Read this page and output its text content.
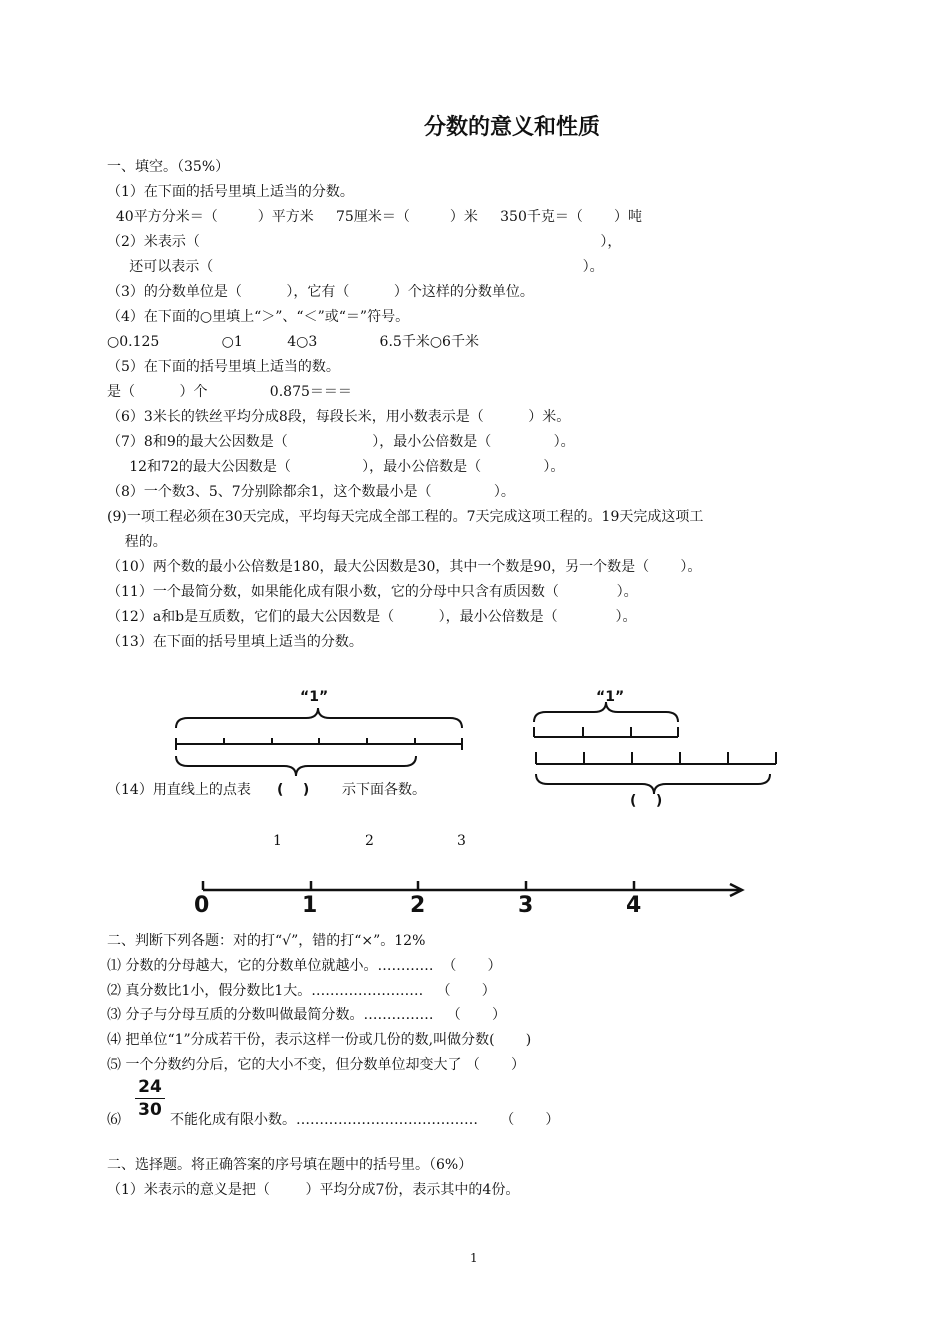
分数的意义和性质
一、填空。（35%）
（1）在下面的括号里填上适当的分数。
40平方分米＝（         ）平方米     75厘米＝（         ）米     350千克＝（       ）吨
（2）米表示（                                                                                          ），
还可以表示（                                                                                   ）。
（3）的分数单位是（          ），它有（          ）个这样的分数单位。
（4）在下面的○里填上“＞”、“＜”或“＝”符号。
○0.125              ○1          4○3              6.5千米○6千米
（5）在下面的括号里填上适当的数。
是（          ）个              0.875＝＝＝
（6）3米长的铁丝平均分成8段，每段长米，用小数表示是（          ）米。
（7）8和9的最大公因数是（                   ），最小公倍数是（              ）。
12和72的最大公因数是（                ），最小公倍数是（              ）。
（8）一个数3、5、7分别除都余1，这个数最小是（              ）。
(9)一项工程必须在30天完成，平均每天完成全部工程的。7天完成这项工程的。19天完成这项工
程的。
（10）两个数的最小公倍数是180，最大公因数是30，其中一个数是90，另一个数是（       ）。
（11）一个最简分数，如果能化成有限小数，它的分母中只含有质因数（             ）。
（12）a和b是互质数，它们的最大公因数是（          ），最小公倍数是（             ）。
（13）在下面的括号里填上适当的分数。
“1”	“1”
(    )
（14）用直线上的点表 (    ) 示下面各数。
1	2	3
0	1	2	3	4
二、判断下列各题：对的打“√”，错的打“×”。12%
⑴ 分数的分母越大，它的分数单位就越小。…………  （       ）
⑵ 真分数比1小，假分数比1大。……………………   （       ）
⑶ 分子与分母互质的分数叫做最简分数。……………   （       ）
⑷ 把单位“1”分成若干份，表示这样一份或几份的数,叫做分数(       )
⑸ 一个分数约分后，它的大小不变，但分数单位却变大了 （       ）
⑹
24
30 不能化成有限小数。…………………………………     （       ）
二、选择题。将正确答案的序号填在题中的括号里。（6%）
（1）米表示的意义是把（        ）平均分成7份，表示其中的4份。
1
